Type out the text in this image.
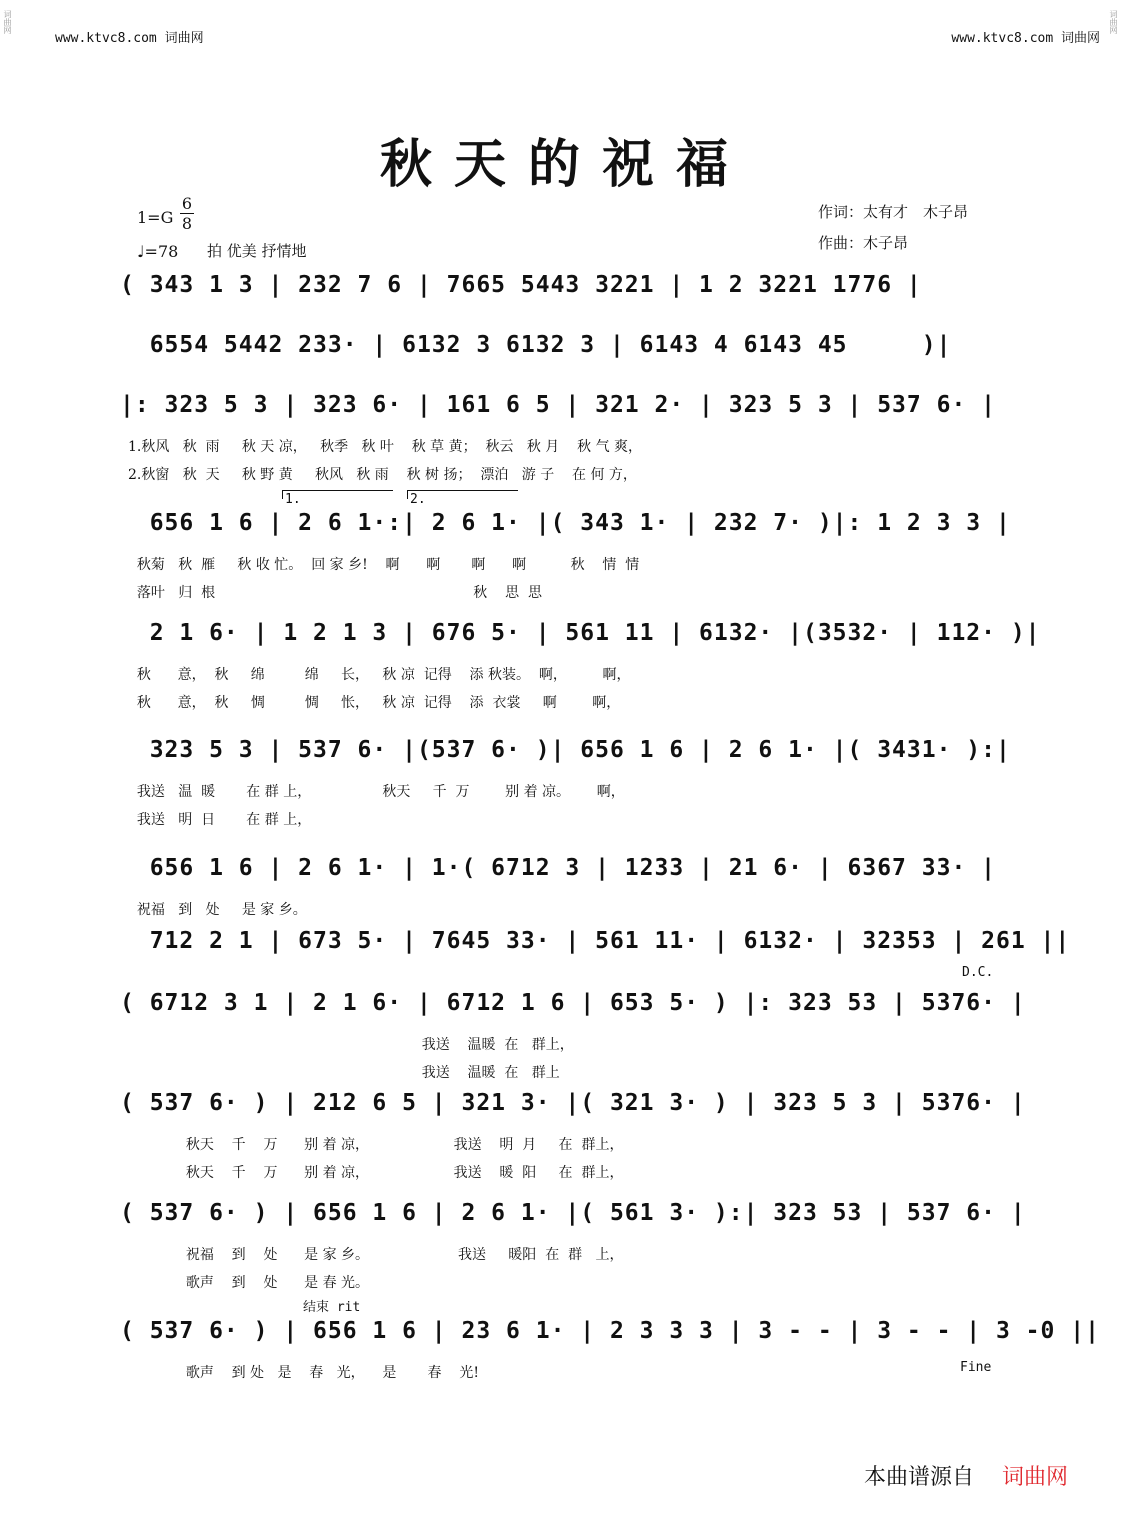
www.ktvc8.com 词曲网	www.ktvc8.com 词曲网
词曲网	词曲网
秋天的祝福
1=G
6
8
♩=78 拍 优美 抒情地
作词：太有才　木子昂
作曲：木子昂
( 343 1 3 | 232 7 6 | 7665 5443 3221 | 1 2 3221 1776 |
6554 5442 233· | 6132 3 6132 3 | 6143 4 6143 45     )|
|: 323 5 3 | 323 6· | 161 6 5 | 321 2· | 323 5 3 | 537 6· |
1.秋风   秋  雨     秋 天 凉，   秋季   秋 叶    秋 草 黄；  秋云   秋 月    秋 气 爽，
2.秋窗   秋  天     秋 野 黄     秋风   秋 雨    秋 树 扬；  漂泊   游 子    在 何 方，
656 1 6 | 2 6 1·:| 2 6 1· |( 343 1· | 232 7· )|: 1 2 3 3 |
秋菊   秋  雁     秋 收 忙。  回 家 乡!    啊      啊       啊      啊          秋    情  情
落叶   归  根                                                          秋    思  思
2 1 6· | 1 2 1 3 | 676 5· | 561 11 | 6132· |(3532· | 112· )|
秋      意，  秋     绵         绵     长，   秋 凉  记得    添 秋装。  啊，        啊，
秋      意，  秋     惆         惆     怅，   秋 凉  记得    添  衣裳     啊        啊，
323 5 3 | 537 6· |(537 6· )| 656 1 6 | 2 6 1· |( 3431· ):|
我送   温  暖       在 群 上，                秋天     千  万        别 着 凉。      啊，
我送   明  日       在 群 上，
656 1 6 | 2 6 1· | 1·( 6712 3 | 1233 | 21 6· | 6367 33· |
祝福   到   处     是 家 乡。
712 2 1 | 673 5· | 7645 33· | 561 11· | 6132· | 32353 | 261 ||
( 6712 3 1 | 2 1 6· | 6712 1 6 | 653 5· ) |: 323 53 | 5376· |
我送    温暖  在   群上，
我送    温暖  在   群上
( 537 6· ) | 212 6 5 | 321 3· |( 321 3· ) | 323 5 3 | 5376· |
秋天    千    万      别 着 凉，                   我送    明  月     在  群上，
秋天    千    万      别 着 凉，                   我送    暖  阳     在  群上，
( 537 6· ) | 656 1 6 | 2 6 1· |( 561 3· ):| 323 53 | 537 6· |
祝福    到    处      是 家 乡。                    我送     暖阳  在  群   上，
歌声    到    处      是 春 光。
( 537 6· ) | 656 1 6 | 23 6 1· | 2 3 3 3 | 3 - - | 3 - - | 3 -0 ||
歌声    到 处   是    春   光，    是       春    光!
D.C.
Fine
1.	2.
结束 rit
本曲谱源自 词曲网
